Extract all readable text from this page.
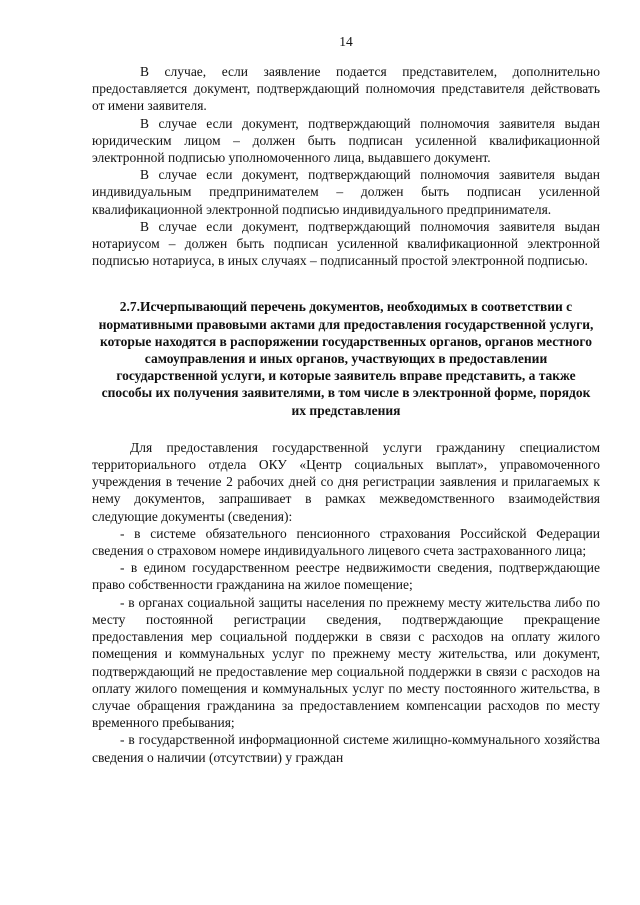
14

В случае, если заявление подается представителем, дополнительно предоставляется документ, подтверждающий полномочия представителя действовать от имени заявителя.

В случае если документ, подтверждающий полномочия заявителя выдан юридическим лицом – должен быть подписан усиленной квалификационной электронной подписью уполномоченного лица, выдавшего документ.

В случае если документ, подтверждающий полномочия заявителя выдан индивидуальным предпринимателем – должен быть подписан усиленной квалификационной электронной подписью индивидуального предпринимателя.

В случае если документ, подтверждающий полномочия заявителя выдан нотариусом – должен быть подписан усиленной квалификационной электронной подписью нотариуса, в иных случаях – подписанный простой электронной подписью.

2.7.Исчерпывающий перечень документов, необходимых в соответствии с нормативными правовыми актами для предоставления государственной услуги, которые находятся в распоряжении государственных органов, органов местного самоуправления и иных органов, участвующих в предоставлении государственной услуги, и которые заявитель вправе представить, а также способы их получения заявителями, в том числе в электронной форме, порядок их представления

Для предоставления государственной услуги гражданину специалистом территориального отдела ОКУ «Центр социальных выплат», управомоченного учреждения в течение 2 рабочих дней со дня регистрации заявления и прилагаемых к нему документов, запрашивает в рамках межведомственного взаимодействия следующие документы (сведения):

- в системе обязательного пенсионного страхования Российской Федерации сведения о страховом номере индивидуального лицевого счета застрахованного лица;

- в едином государственном реестре недвижимости сведения, подтверждающие право собственности гражданина на жилое помещение;

- в органах социальной защиты населения по прежнему месту жительства либо по месту постоянной регистрации сведения, подтверждающие прекращение предоставления мер социальной поддержки в связи с расходов на оплату жилого помещения и коммунальных услуг по прежнему месту жительства, или документ, подтверждающий не предоставление мер социальной поддержки в связи с расходов на оплату жилого помещения и коммунальных услуг по месту постоянного жительства, в случае обращения гражданина за предоставлением компенсации расходов по месту временного пребывания;

- в государственной информационной системе жилищно-коммунального хозяйства сведения о наличии (отсутствии) у граждан
